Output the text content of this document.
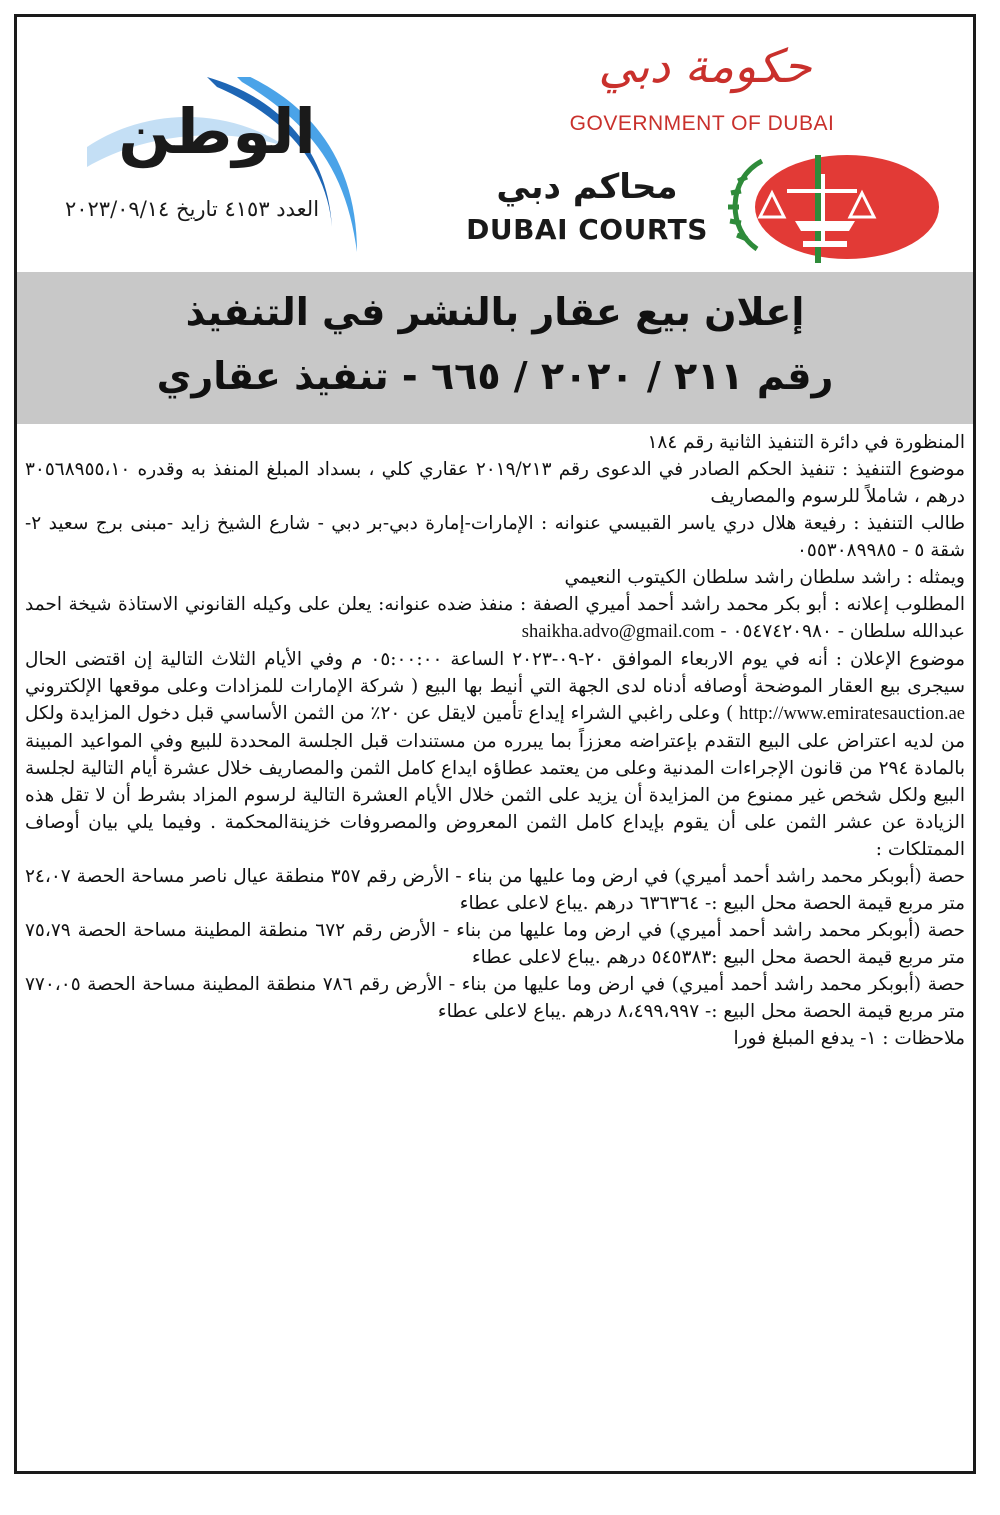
الوطن
العدد ٤١٥٣ تاريخ ٢٠٢٣/٠٩/١٤
حكومة دبي
GOVERNMENT OF DUBAI
محاكم دبي
DUBAI COURTS
إعلان بيع عقار بالنشر في التنفيذ
رقم ٢١١ / ٢٠٢٠ / ٦٦٥ - تنفيذ عقاري

المنظورة في دائرة التنفيذ الثانية رقم ١٨٤

موضوع التنفيذ : تنفيذ الحكم الصادر في الدعوى رقم ٢٠١٩/٢١٣ عقاري كلي ، بسداد المبلغ المنفذ به وقدره ٣٠٥٦٨٩٥٥،١٠ درهم ، شاملاً للرسوم والمصاريف

طالب التنفيذ : رفيعة هلال دري ياسر القبيسي عنوانه : الإمارات-إمارة دبي-بر دبي - شارع الشيخ زايد -مبنى برج سعيد ٢-شقة ٥ - ٠٥٥٣٠٨٩٩٨٥

ويمثله : راشد سلطان راشد سلطان الكيتوب النعيمي

المطلوب إعلانه : أبو بكر محمد راشد أحمد أميري الصفة : منفذ ضده عنوانه: يعلن على وكيله القانوني الاستاذة شيخة احمد عبدالله سلطان - ٠٥٤٧٤٢٠٩٨٠ - shaikha.advo@gmail.com

موضوع الإعلان : أنه في يوم الاربعاء الموافق ٢٠-٠٩-٢٠٢٣ الساعة ٠٥:٠٠:٠٠ م وفي الأيام الثلاث التالية إن اقتضى الحال سيجرى بيع العقار الموضحة أوصافه أدناه لدى الجهة التي أنيط بها البيع ( شركة الإمارات للمزادات وعلى موقعها الإلكتروني http://www.emiratesauction.ae ) وعلى راغبي الشراء إيداع تأمين لايقل عن ٢٠٪ من الثمن الأساسي قبل دخول المزايدة ولكل من لديه اعتراض على البيع التقدم بإعتراضه معززاً بما يبرره من مستندات قبل الجلسة المحددة للبيع وفي المواعيد المبينة بالمادة ٢٩٤ من قانون الإجراءات المدنية وعلى من يعتمد عطاؤه ايداع كامل الثمن والمصاريف خلال عشرة أيام التالية لجلسة البيع ولكل شخص غير ممنوع من المزايدة أن يزيد على الثمن خلال الأيام العشرة التالية لرسوم المزاد بشرط أن لا تقل هذه الزيادة عن عشر الثمن على أن يقوم بإيداع كامل الثمن المعروض والمصروفات خزينةالمحكمة . وفيما يلي بيان أوصاف الممتلكات :

حصة (أبوبكر محمد راشد أحمد أميري) في ارض وما عليها من بناء - الأرض رقم ٣٥٧ منطقة عيال ناصر مساحة الحصة ٢٤،٠٧ متر مربع قيمة الحصة محل البيع :- ٦٣٦٣٦٤ درهم .يباع لاعلى عطاء

حصة (أبوبكر محمد راشد أحمد أميري) في ارض وما عليها من بناء - الأرض رقم ٦٧٢ منطقة المطينة مساحة الحصة ٧٥،٧٩ متر مربع قيمة الحصة محل البيع :٥٤٥٣٨٣ درهم .يباع لاعلى عطاء

حصة (أبوبكر محمد راشد أحمد أميري) في ارض وما عليها من بناء - الأرض رقم ٧٨٦ منطقة المطينة مساحة الحصة ٧٧٠،٠٥ متر مربع قيمة الحصة محل البيع :- ٨،٤٩٩،٩٩٧ درهم .يباع لاعلى عطاء

ملاحظات : ١- يدفع المبلغ فورا
